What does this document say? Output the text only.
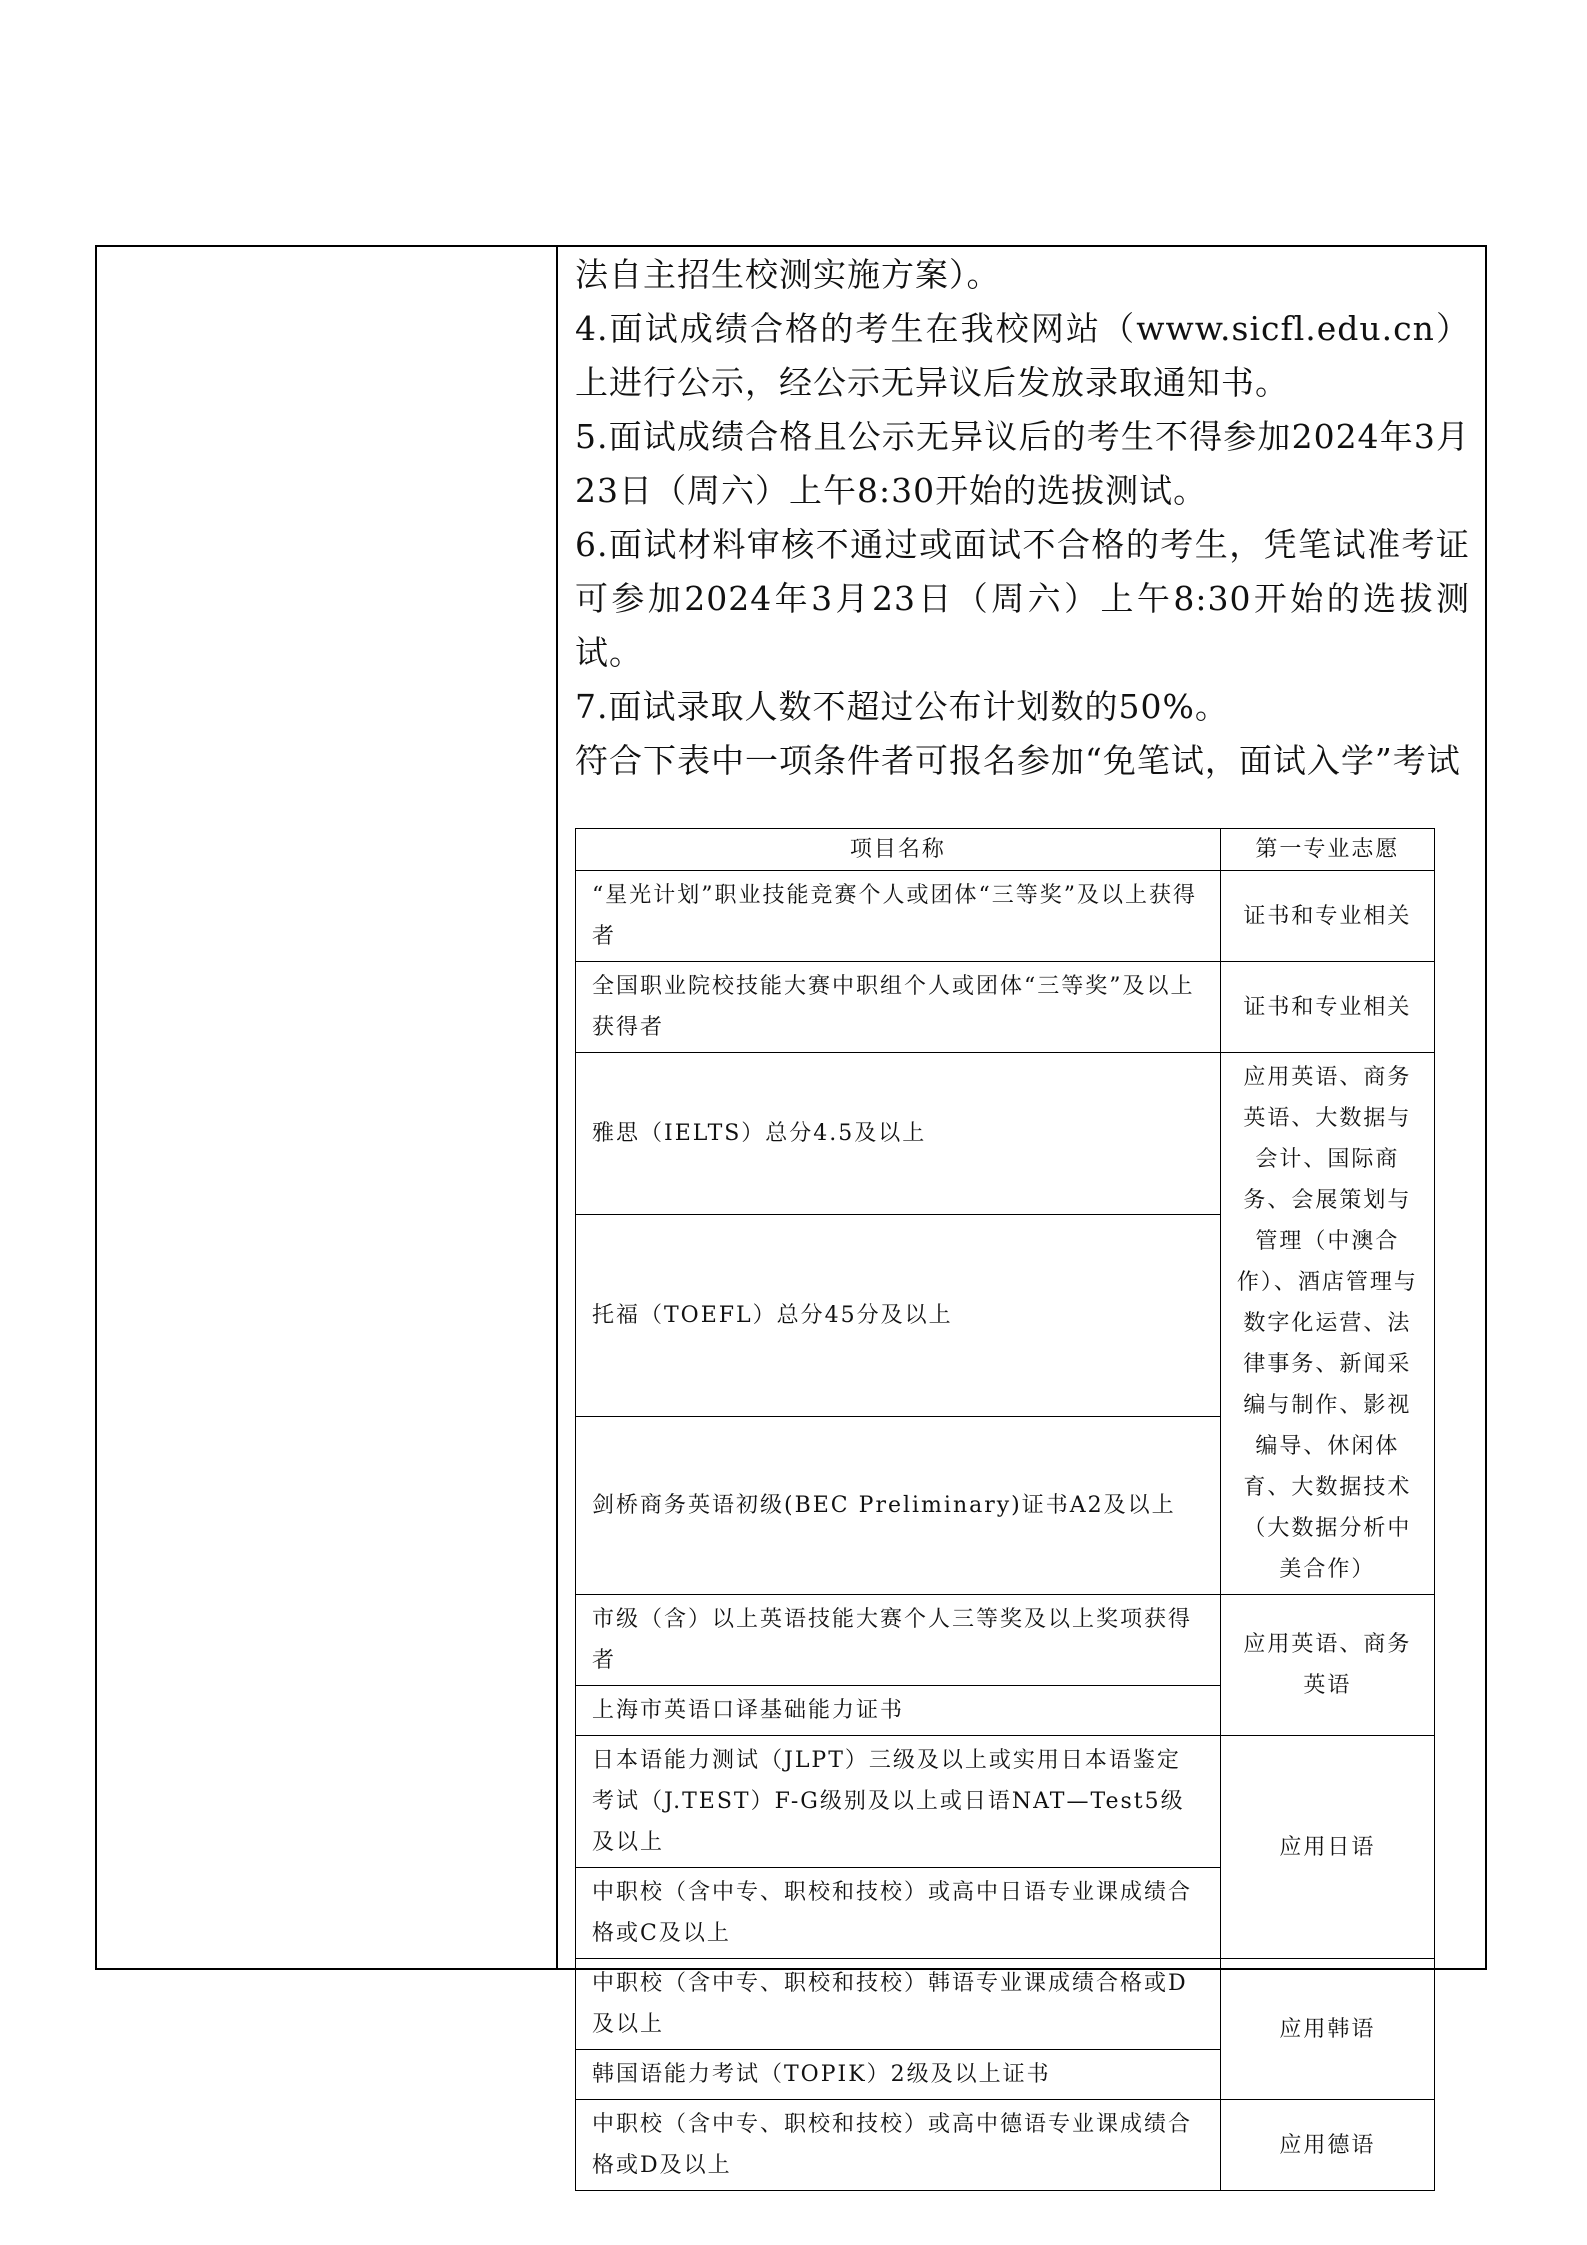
法自主招生校测实施方案）。

4.面试成绩合格的考生在我校网站（www.sicfl.edu.cn）上进行公示，经公示无异议后发放录取通知书。

5.面试成绩合格且公示无异议后的考生不得参加2024年3月23日（周六）上午8:30开始的选拔测试。

6.面试材料审核不通过或面试不合格的考生，凭笔试准考证可参加2024年3月23日（周六）上午8:30开始的选拔测试。

7.面试录取人数不超过公布计划数的50%。

符合下表中一项条件者可报名参加“免笔试，面试入学”考试

项目名称	第一专业志愿
“星光计划”职业技能竞赛个人或团体“三等奖”及以上获得者	证书和专业相关
全国职业院校技能大赛中职组个人或团体“三等奖”及以上获得者	证书和专业相关
雅思（IELTS）总分4.5及以上	应用英语、商务英语、大数据与会计、国际商务、会展策划与管理（中澳合作）、酒店管理与数字化运营、法律事务、新闻采编与制作、影视编导、休闲体育、大数据技术（大数据分析中美合作）
托福（TOEFL）总分45分及以上	
剑桥商务英语初级(BEC Preliminary)证书A2及以上	
市级（含）以上英语技能大赛个人三等奖及以上奖项获得者	应用英语、商务英语
上海市英语口译基础能力证书	
日本语能力测试（JLPT）三级及以上或实用日本语鉴定考试（J.TEST）F-G级别及以上或日语NAT—Test5级及以上	应用日语
中职校（含中专、职校和技校）或高中日语专业课成绩合格或C及以上	
中职校（含中专、职校和技校）韩语专业课成绩合格或D及以上	应用韩语
韩国语能力考试（TOPIK）2级及以上证书	
中职校（含中专、职校和技校）或高中德语专业课成绩合格或D及以上	应用德语
